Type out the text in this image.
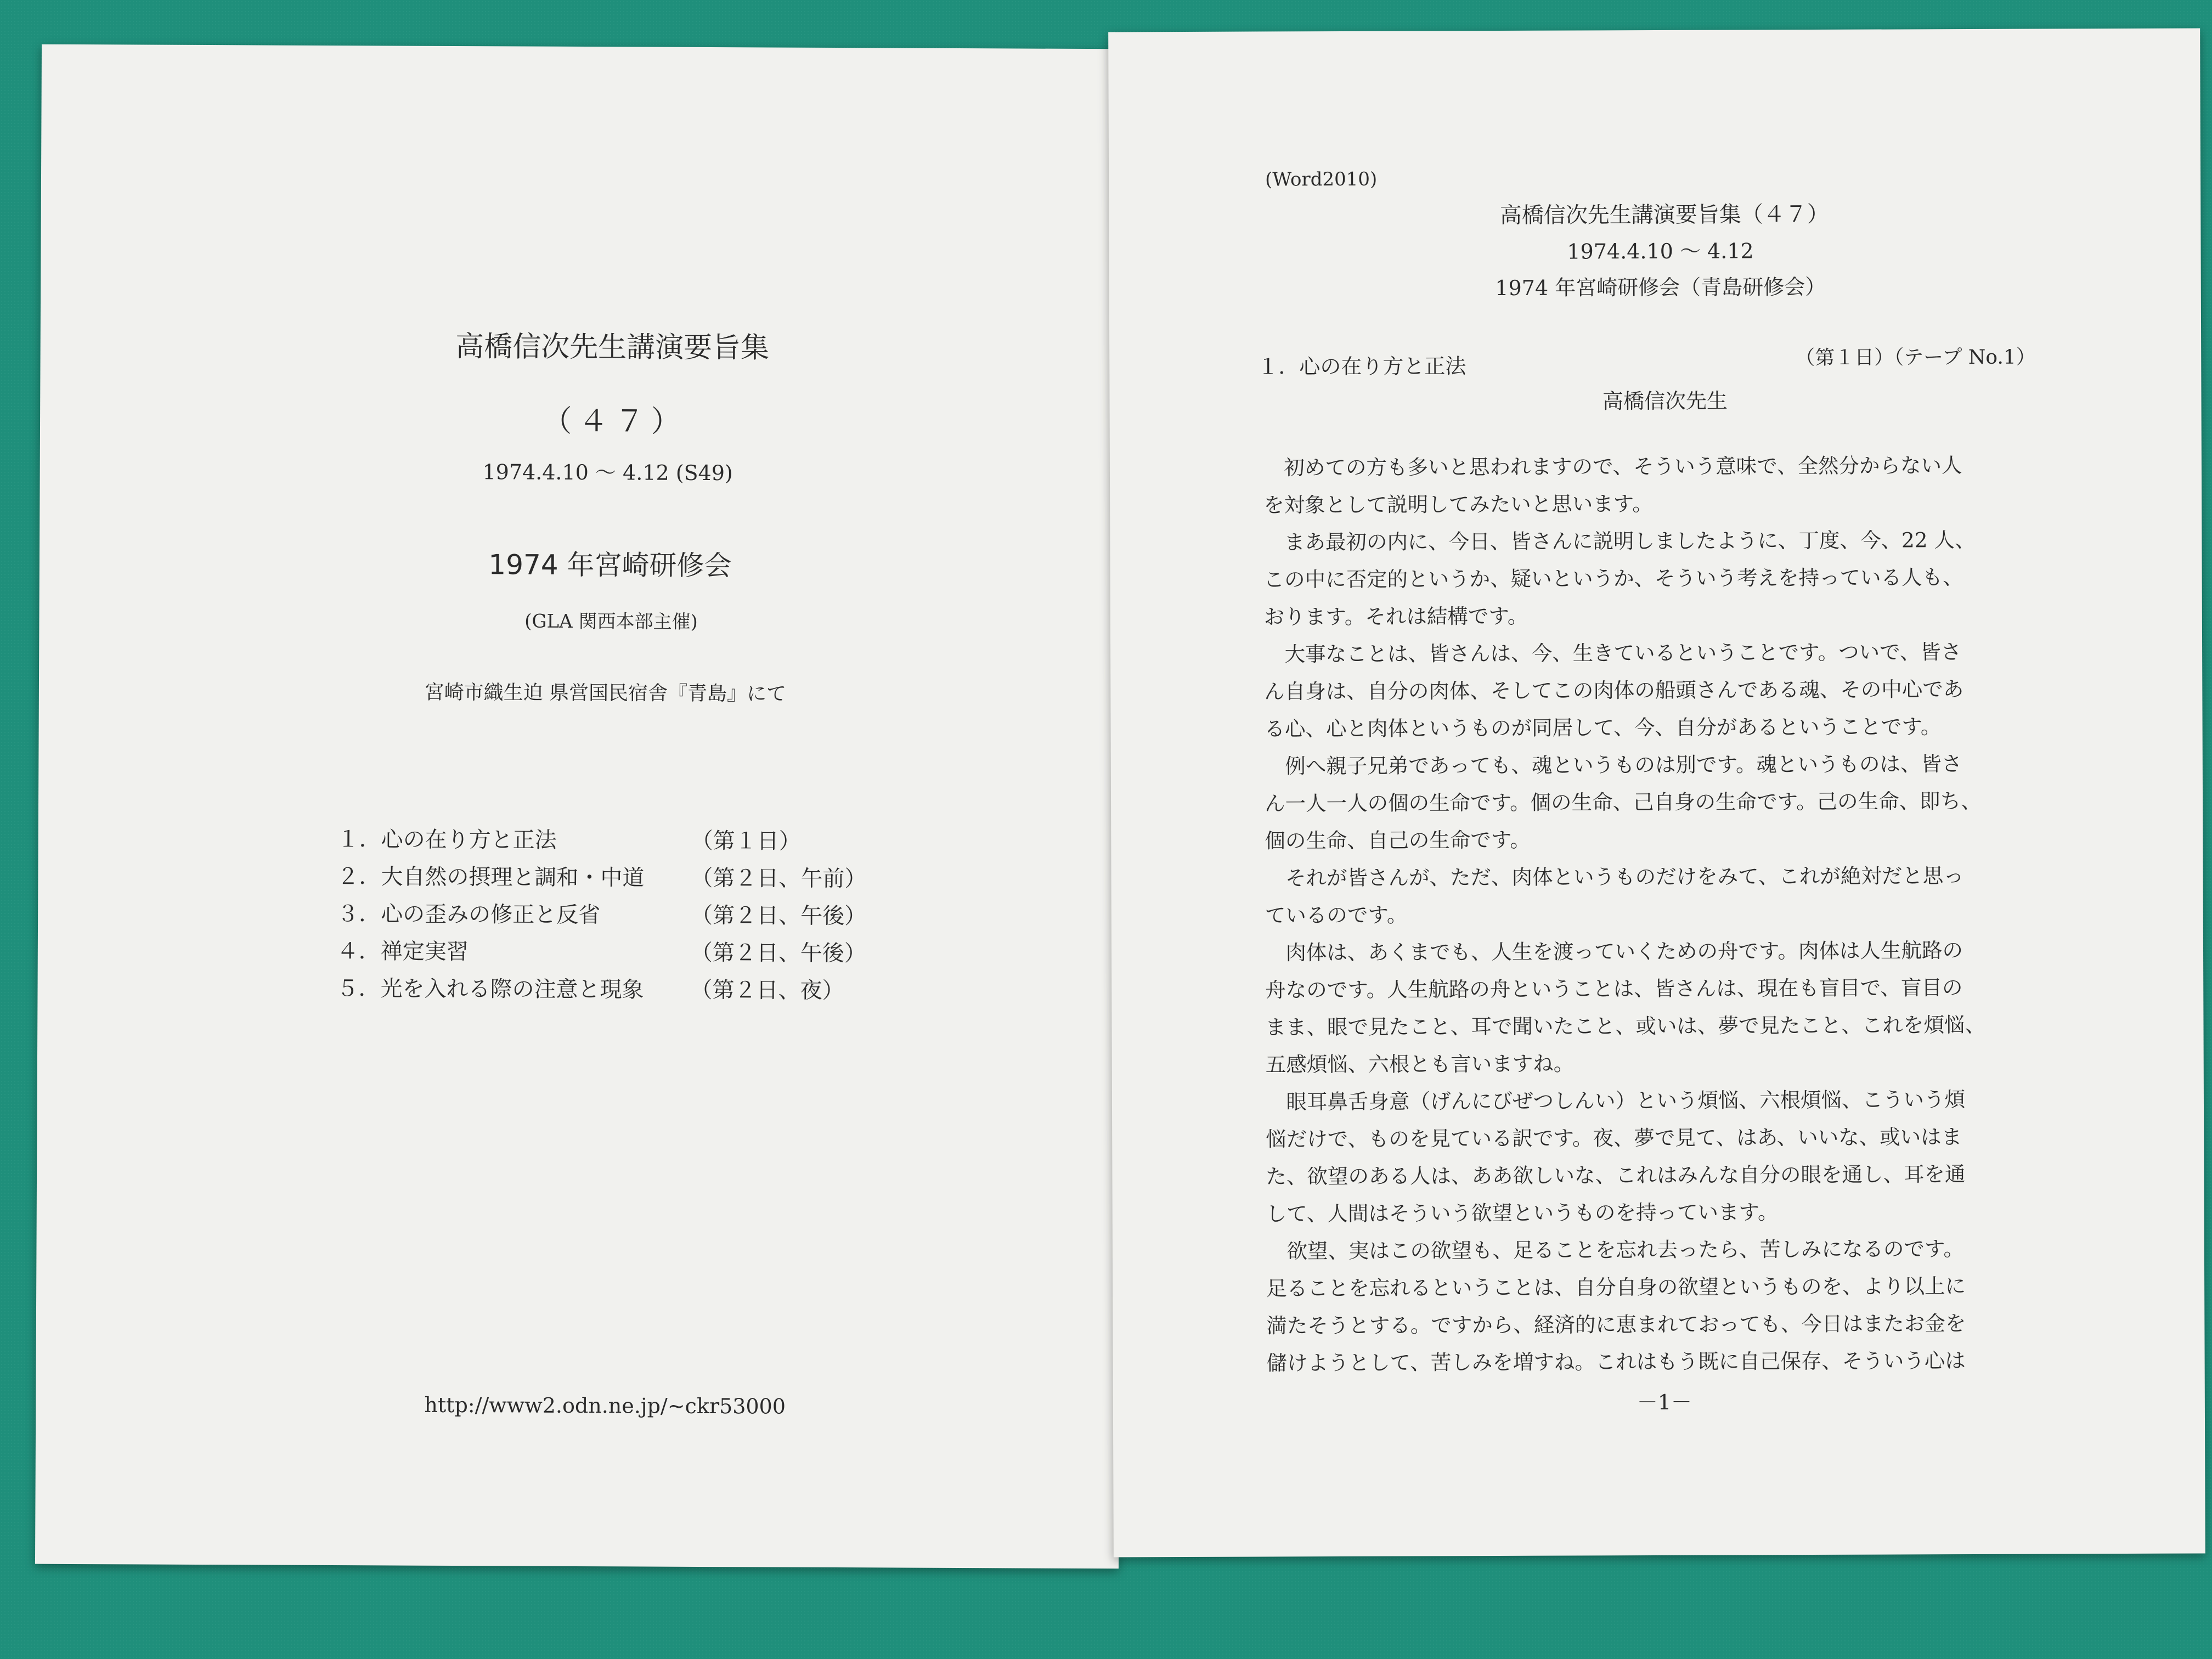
高橋信次先生講演要旨集
（４７）
1974.4.10 ～ 4.12 (S49)
1974 年宮崎研修会
(GLA 関西本部主催)
宮崎市織生迫 県営国民宿舎『青島』にて
１．心の在り方と正法	（第１日）
２．大自然の摂理と調和・中道 （第２日、午前）
３．心の歪みの修正と反省	（第２日、午後）
４．禅定実習	（第２日、午後）
５．光を入れる際の注意と現象 （第２日、夜）
http://www2.odn.ne.jp/~ckr53000
(Word2010)
高橋信次先生講演要旨集（４７）
1974.4.10 ～ 4.12
1974 年宮崎研修会（青島研修会）
１．心の在り方と正法	（第１日）（テープ No.1）
高橋信次先生
　初めての方も多いと思われますので、そういう意味で、全然分からない人
を対象として説明してみたいと思います。
　まあ最初の内に、今日、皆さんに説明しましたように、丁度、今、22 人、
この中に否定的というか、疑いというか、そういう考えを持っている人も、
おります。それは結構です。
　大事なことは、皆さんは、今、生きているということです。ついで、皆さ
ん自身は、自分の肉体、そしてこの肉体の船頭さんである魂、その中心であ
る心、心と肉体というものが同居して、今、自分があるということです。
　例へ親子兄弟であっても、魂というものは別です。魂というものは、皆さ
ん一人一人の個の生命です。個の生命、己自身の生命です。己の生命、即ち、
個の生命、自己の生命です。
　それが皆さんが、ただ、肉体というものだけをみて、これが絶対だと思っ
ているのです。
　肉体は、あくまでも、人生を渡っていくための舟です。肉体は人生航路の
舟なのです。人生航路の舟ということは、皆さんは、現在も盲目で、盲目の
まま、眼で見たこと、耳で聞いたこと、或いは、夢で見たこと、これを煩悩、
五感煩悩、六根とも言いますね。
　眼耳鼻舌身意（げんにびぜつしんい）という煩悩、六根煩悩、こういう煩
悩だけで、ものを見ている訳です。夜、夢で見て、はあ、いいな、或いはま
た、欲望のある人は、ああ欲しいな、これはみんな自分の眼を通し、耳を通
して、人間はそういう欲望というものを持っています。
　欲望、実はこの欲望も、足ることを忘れ去ったら、苦しみになるのです。
足ることを忘れるということは、自分自身の欲望というものを、より以上に
満たそうとする。ですから、経済的に恵まれておっても、今日はまたお金を
儲けようとして、苦しみを増すね。これはもう既に自己保存、そういう心は
－1－
